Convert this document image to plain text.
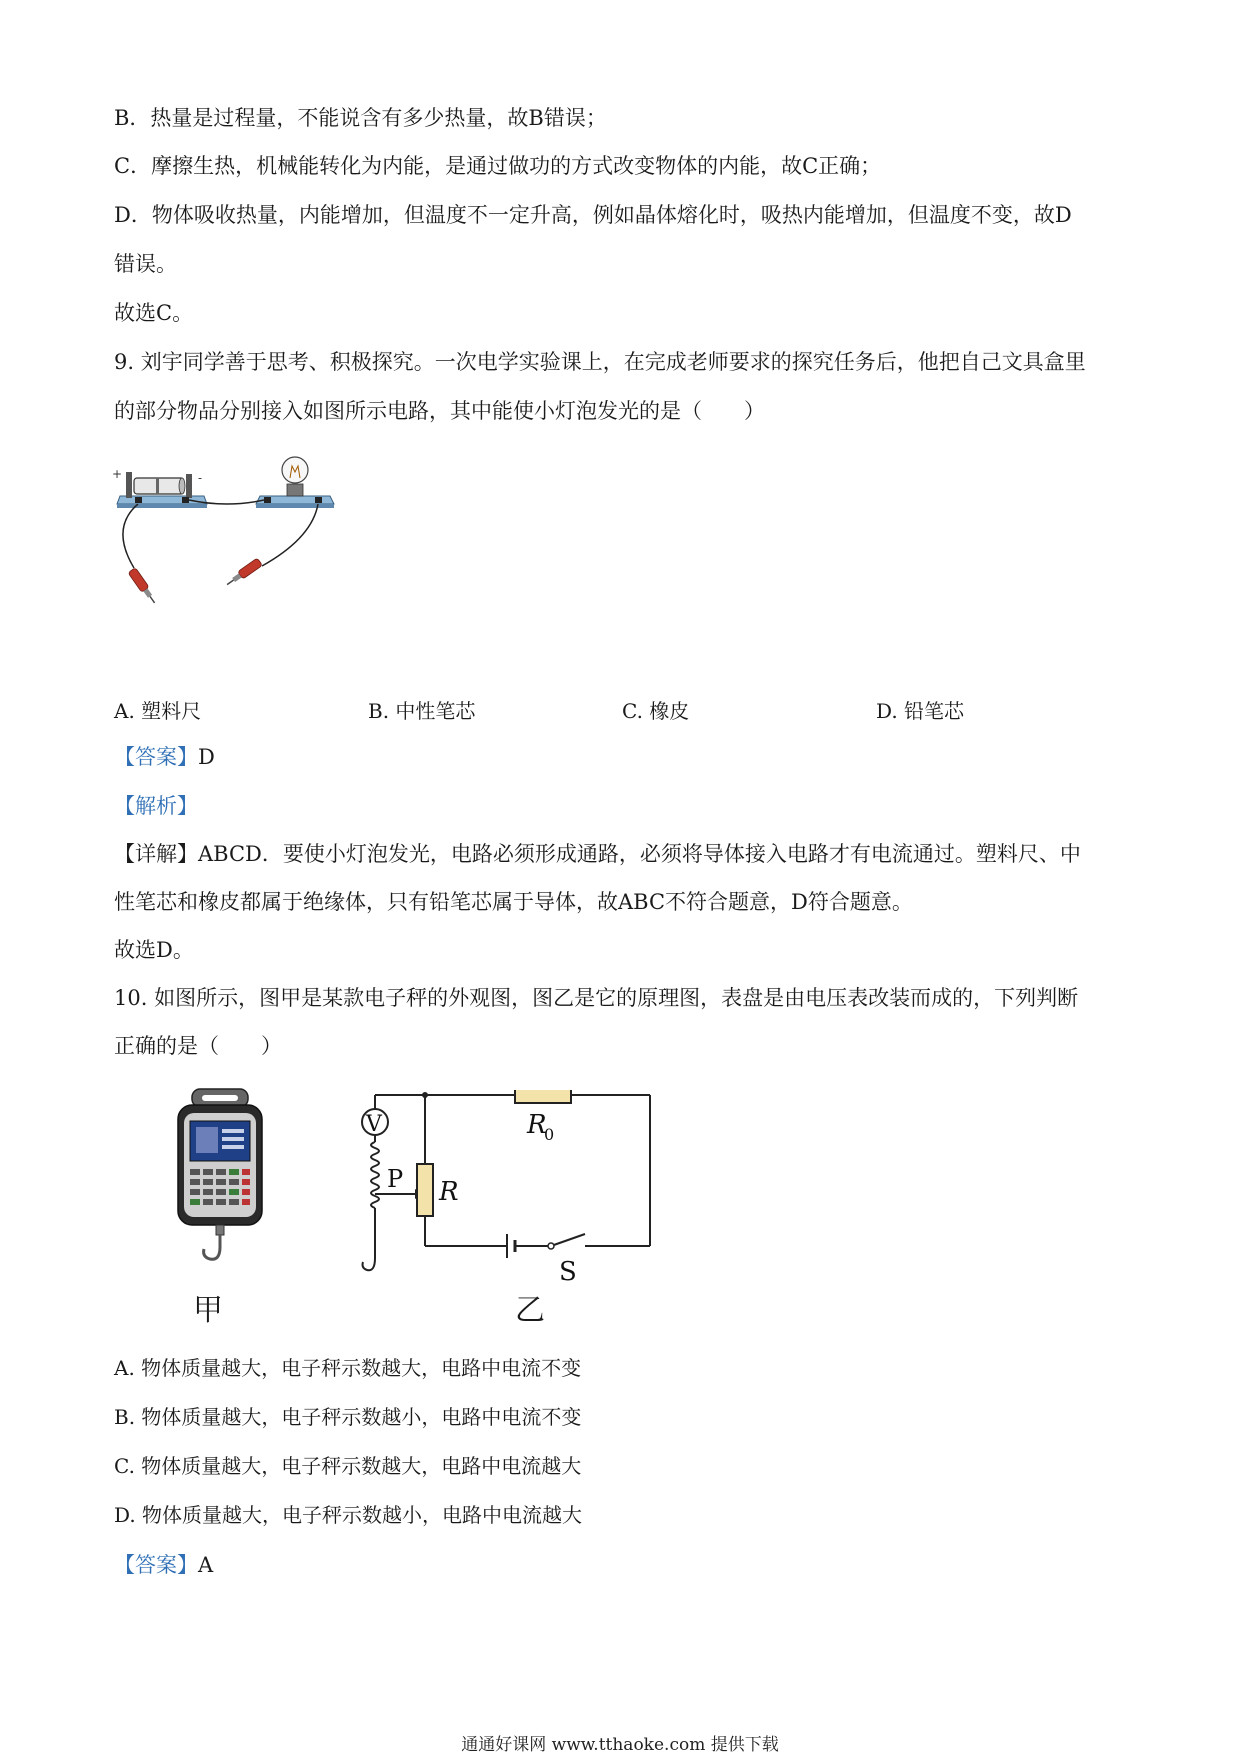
B．热量是过程量，不能说含有多少热量，故B错误；
C．摩擦生热，机械能转化为内能，是通过做功的方式改变物体的内能，故C正确；
D．物体吸收热量，内能增加，但温度不一定升高，例如晶体熔化时，吸热内能增加，但温度不变，故D
错误。
故选C。
9. 刘宇同学善于思考、积极探究。一次电学实验课上，在完成老师要求的探究任务后，他把自己文具盒里
的部分物品分别接入如图所示电路，其中能使小灯泡发光的是（　　）
+	-
A. 塑料尺	B. 中性笔芯	C. 橡皮	D. 铅笔芯
【答案】D
【解析】
【详解】ABCD．要使小灯泡发光，电路必须形成通路，必须将导体接入电路才有电流通过。塑料尺、中
性笔芯和橡皮都属于绝缘体，只有铅笔芯属于导体，故ABC不符合题意，D符合题意。
故选D。
10. 如图所示，图甲是某款电子秤的外观图，图乙是它的原理图，表盘是由电压表改装而成的，下列判断
正确的是（　　）
甲
V	R
0
R
P
S
乙
A. 物体质量越大，电子秤示数越大，电路中电流不变
B. 物体质量越大，电子秤示数越小，电路中电流不变
C. 物体质量越大，电子秤示数越大，电路中电流越大
D. 物体质量越大，电子秤示数越小，电路中电流越大
【答案】A
通通好课网 www.tthaoke.com 提供下载
